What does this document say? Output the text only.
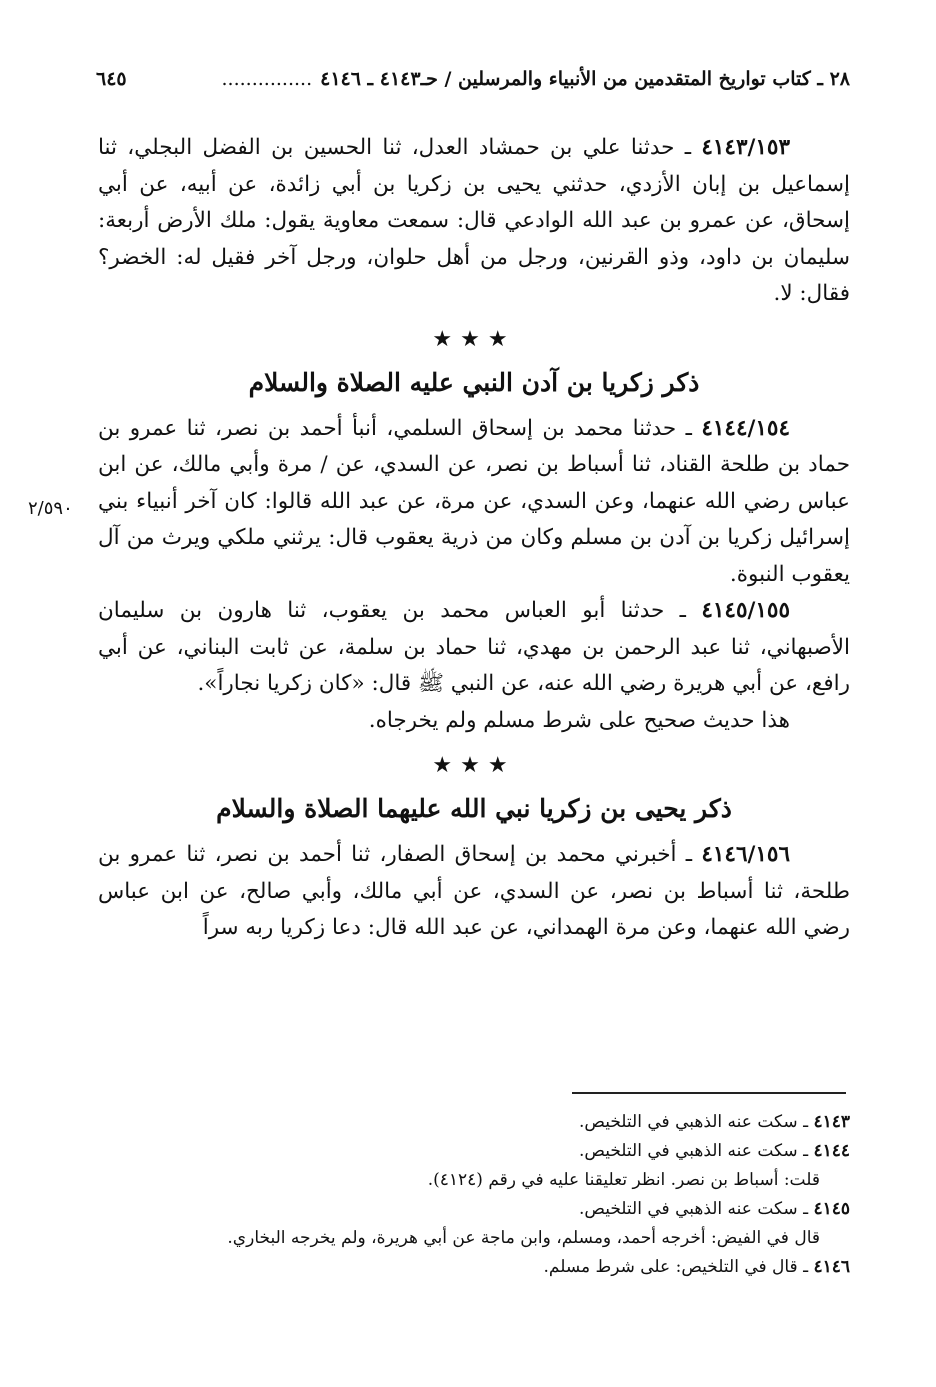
٢٨ ـ كتاب تواريخ المتقدمين من الأنبياء والمرسلين / حـ٤١٤٣ ـ ٤١٤٦...............
٦٤٥
٢/٥٩٠

٤١٤٣/١٥٣ ـ حدثنا علي بن حمشاد العدل، ثنا الحسين بن الفضل البجلي، ثنا إسماعيل بن إبان الأزدي، حدثني يحيى بن زكريا بن أبي زائدة، عن أبيه، عن أبي إسحاق، عن عمرو بن عبد الله الوادعي قال: سمعت معاوية يقول: ملك الأرض أربعة: سليمان بن داود، وذو القرنين، ورجل من أهل حلوان، ورجل آخر فقيل له: الخضر؟ فقال: لا.

★★★
ذكر زكريا بن آدن النبي عليه الصلاة والسلام

٤١٤٤/١٥٤ ـ حدثنا محمد بن إسحاق السلمي، أنبأ أحمد بن نصر، ثنا عمرو بن حماد بن طلحة القناد، ثنا أسباط بن نصر، عن السدي، عن / مرة وأبي مالك، عن ابن عباس رضي الله عنهما، وعن السدي، عن مرة، عن عبد الله قالوا: كان آخر أنبياء بني إسرائيل زكريا بن آدن بن مسلم وكان من ذرية يعقوب قال: يرثني ملكي ويرث من آل يعقوب النبوة.

٤١٤٥/١٥٥ ـ حدثنا أبو العباس محمد بن يعقوب، ثنا هارون بن سليمان الأصبهاني، ثنا عبد الرحمن بن مهدي، ثنا حماد بن سلمة، عن ثابت البناني، عن أبي رافع، عن أبي هريرة رضي الله عنه، عن النبي ﷺ قال: «كان زكريا نجاراً».

هذا حديث صحيح على شرط مسلم ولم يخرجاه.

★★★
ذكر يحيى بن زكريا نبي الله عليهما الصلاة والسلام

٤١٤٦/١٥٦ ـ أخبرني محمد بن إسحاق الصفار، ثنا أحمد بن نصر، ثنا عمرو بن طلحة، ثنا أسباط بن نصر، عن السدي، عن أبي مالك، وأبي صالح، عن ابن عباس رضي الله عنهما، وعن مرة الهمداني، عن عبد الله قال: دعا زكريا ربه سراً

٤١٤٣ ـ سكت عنه الذهبي في التلخيص.

٤١٤٤ ـ سكت عنه الذهبي في التلخيص.

قلت: أسباط بن نصر. انظر تعليقنا عليه في رقم (٤١٢٤).

٤١٤٥ ـ سكت عنه الذهبي في التلخيص.

قال في الفيض: أخرجه أحمد، ومسلم، وابن ماجة عن أبي هريرة، ولم يخرجه البخاري.

٤١٤٦ ـ قال في التلخيص: على شرط مسلم.
